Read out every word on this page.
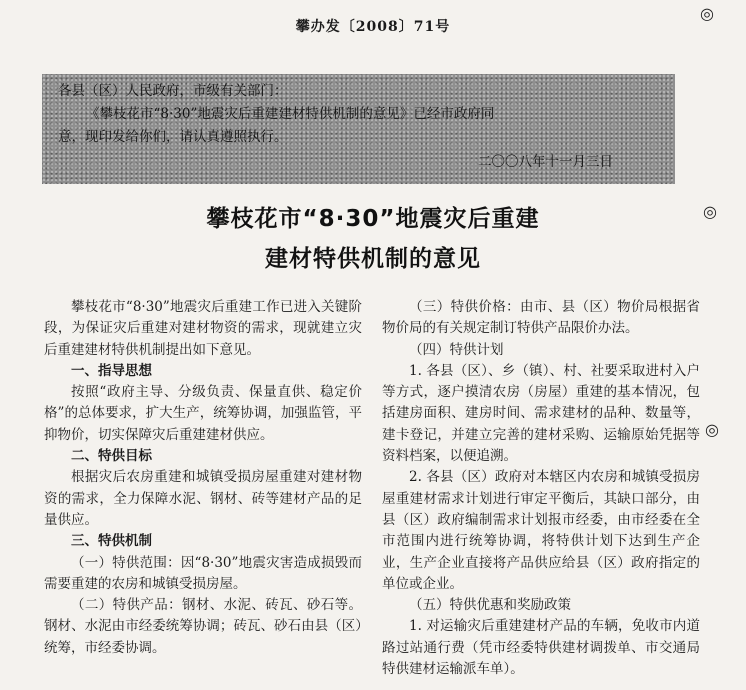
攀办发〔2008〕71号
◎
◎
◎
各县（区）人民政府，市级有关部门：
《攀枝花市“8·30”地震灾后重建建材特供机制的意见》已经市政府同
意，现印发给你们，请认真遵照执行。
二〇〇八年十一月三日
攀枝花市“8·30”地震灾后重建
建材特供机制的意见

攀枝花市“8·30”地震灾后重建工作已进入关键阶段，为保证灾后重建对建材物资的需求，现就建立灾后重建建材特供机制提出如下意见。

一、指导思想

按照“政府主导、分级负责、保量直供、稳定价格”的总体要求，扩大生产，统筹协调，加强监管，平抑物价，切实保障灾后重建建材供应。

二、特供目标

根据灾后农房重建和城镇受损房屋重建对建材物资的需求，全力保障水泥、钢材、砖等建材产品的足量供应。

三、特供机制

（一）特供范围：因“8·30”地震灾害造成损毁而需要重建的农房和城镇受损房屋。

（二）特供产品：钢材、水泥、砖瓦、砂石等。钢材、水泥由市经委统筹协调；砖瓦、砂石由县（区）统筹，市经委协调。

（三）特供价格：由市、县（区）物价局根据省物价局的有关规定制订特供产品限价办法。

（四）特供计划

1. 各县（区）、乡（镇）、村、社要采取进村入户等方式，逐户摸清农房（房屋）重建的基本情况，包括建房面积、建房时间、需求建材的品种、数量等，建卡登记，并建立完善的建材采购、运输原始凭据等资料档案，以便追溯。

2. 各县（区）政府对本辖区内农房和城镇受损房屋重建材需求计划进行审定平衡后，其缺口部分，由县（区）政府编制需求计划报市经委，由市经委在全市范围内进行统筹协调，将特供计划下达到生产企业，生产企业直接将产品供应给县（区）政府指定的单位或企业。

（五）特供优惠和奖励政策

1. 对运输灾后重建建材产品的车辆，免收市内道路过站通行费（凭市经委特供建材调拨单、市交通局特供建材运输派车单）。
